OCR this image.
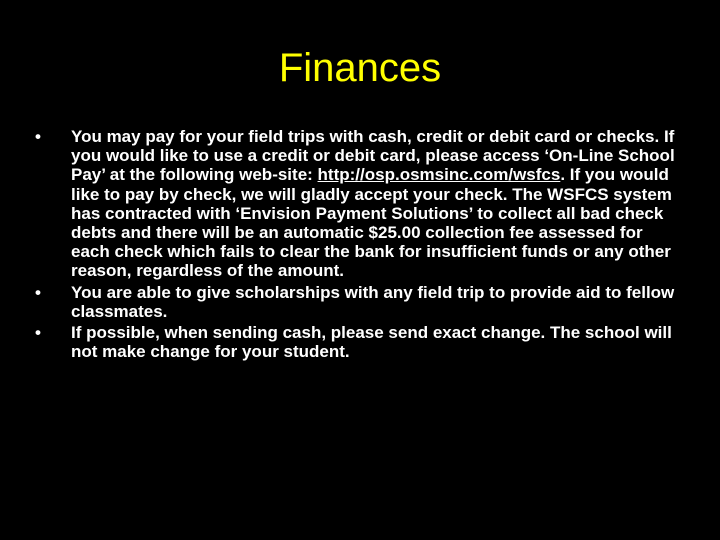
Finances
•	You may pay for your field trips with cash, credit or debit card or checks. If you would like to use a credit or debit card, please access ‘On-Line School Pay’ at the following web-site: http://osp.osmsinc.com/wsfcs. If you would like to pay by check, we will gladly accept your check. The WSFCS system has contracted with ‘Envision Payment Solutions’ to collect all bad check debts and there will be an automatic $25.00 collection fee assessed for each check which fails to clear the bank for insufficient funds or any other reason, regardless of the amount.
•	You are able to give scholarships with any field trip to provide aid to fellow classmates.
•	If possible, when sending cash, please send exact change. The school will not make change for your student.
